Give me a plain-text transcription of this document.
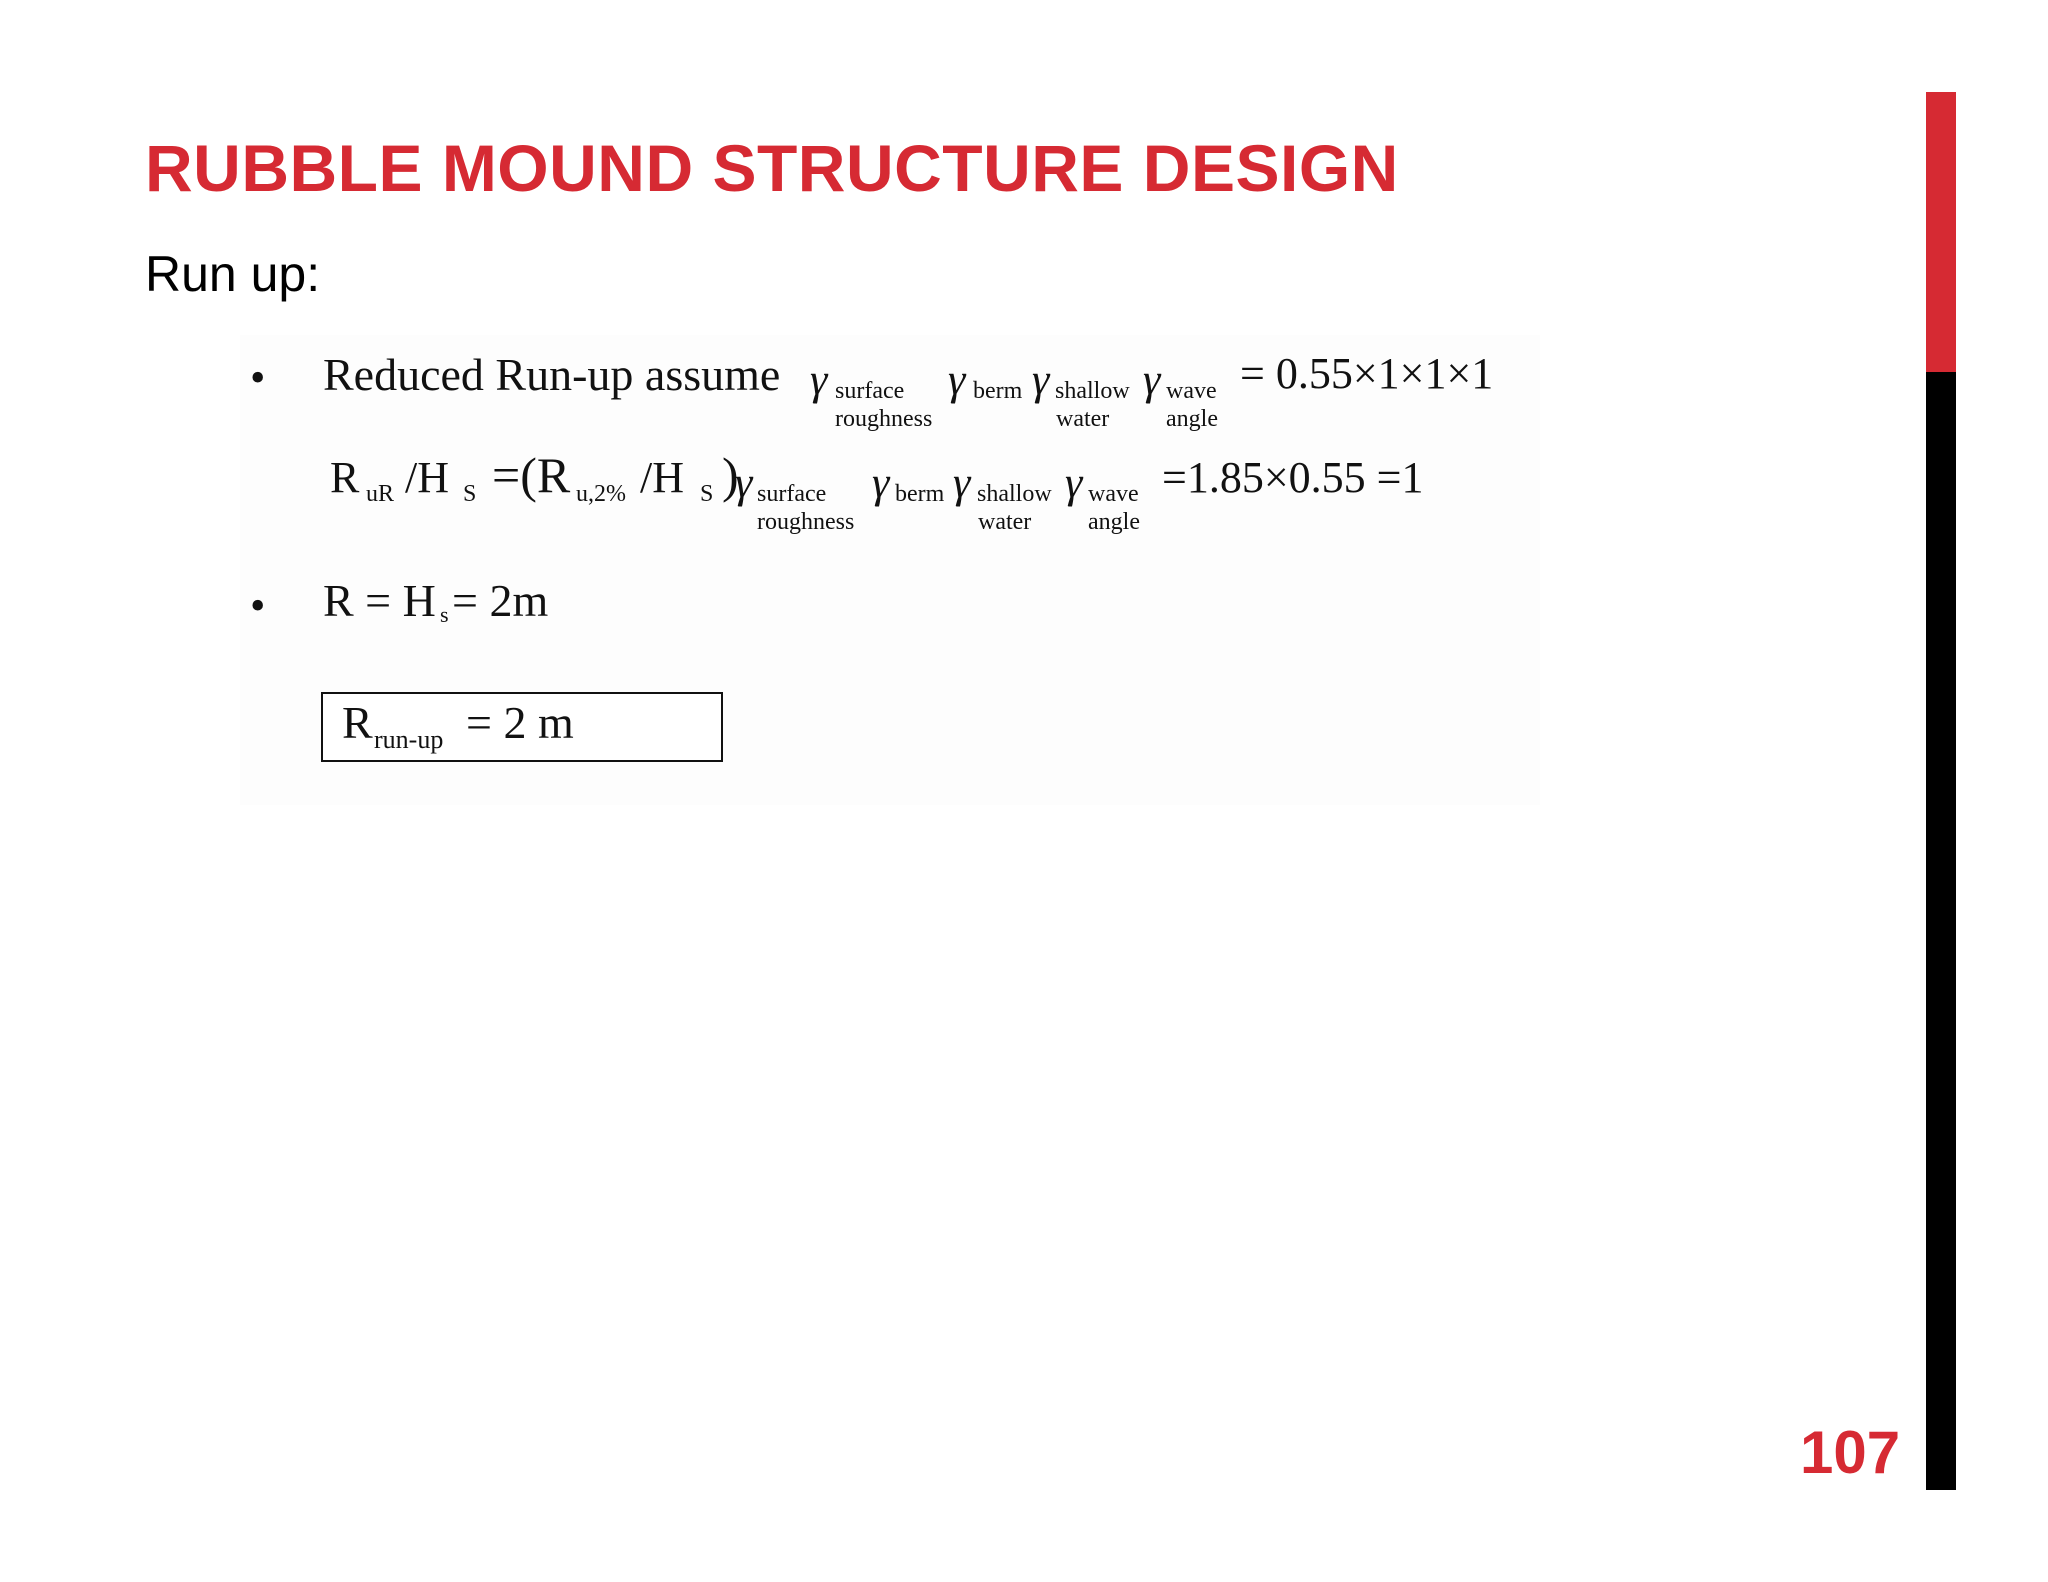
RUBBLE MOUND STRUCTURE DESIGN
Run up:
• Reduced Run-up assume γ surface
roughness
γ berm γ shallow
water
γ wave
angle
= 0.55×1×1×1
R uR /H S =(R u,2% /H S )
γ surface
roughness
γ berm γ shallow
water
γ wave
angle
=1.85×0.55 =1
• R = H s = 2m
R run-up = 2 m
107
